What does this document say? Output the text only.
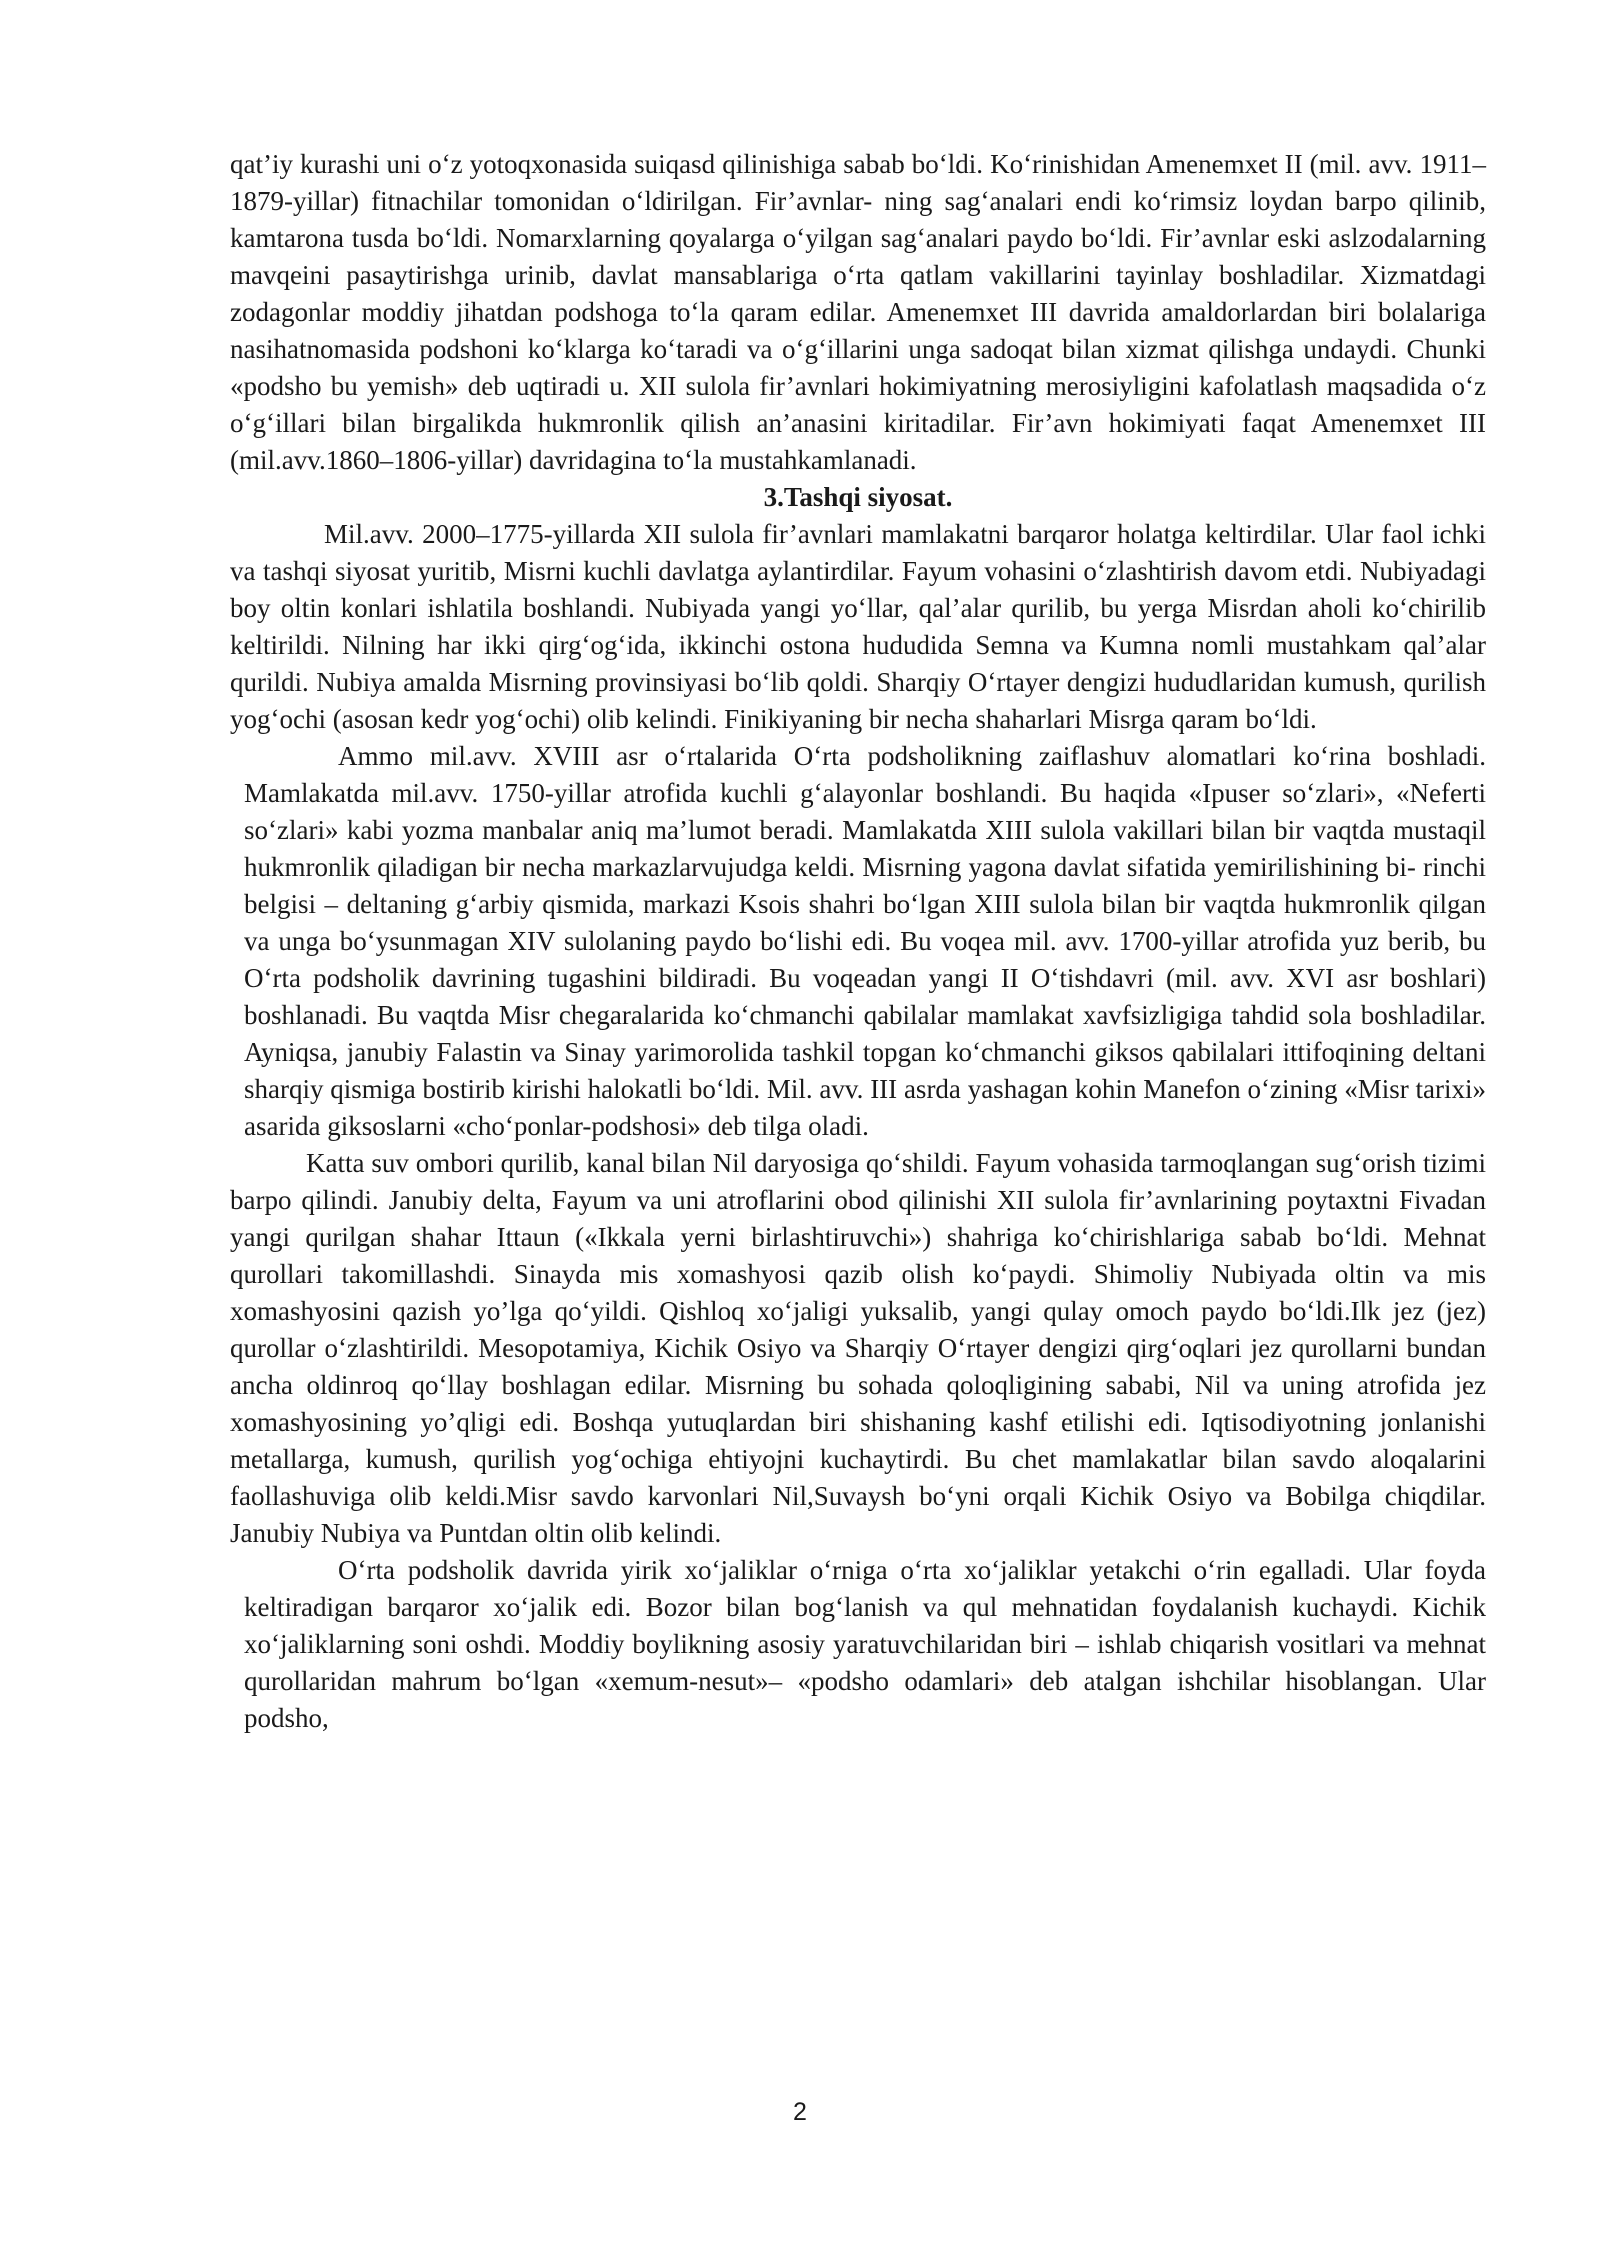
qat’iy kurashi uni o‘z yotoqxonasida suiqasd qilinishiga sabab bo‘ldi. Ko‘rinishidan Amenemxet II (mil. avv. 1911–1879-yillar) fitnachilar tomonidan o‘ldirilgan. Fir’avnlar- ning sag‘analari endi ko‘rimsiz loydan barpo qilinib, kamtarona tusda bo‘ldi. Nomarxlarning qoyalarga o‘yilgan sag‘analari paydo bo‘ldi. Fir’avnlar eski aslzodalarning mavqeini pasaytirishga urinib, davlat mansablariga o‘rta qatlam vakillarini tayinlay boshladilar. Xizmatdagi zodagonlar moddiy jihatdan podshoga to‘la qaram edilar. Amenemxet III davrida amaldorlardan biri bolalariga nasihatnomasida podshoni ko‘klarga ko‘taradi va o‘g‘illarini unga sadoqat bilan xizmat qilishga undaydi. Chunki «podsho bu yemish» deb uqtiradi u. XII sulola fir’avnlari hokimiyatning merosiyligini kafolatlash maqsadida o‘z o‘g‘illari bilan birgalikda hukmronlik qilish an’anasini kiritadilar. Fir’avn hokimiyati faqat Amenemxet III (mil.avv.1860–1806-yillar) davridagina to‘la mustahkamlanadi.

3.Tashqi siyosat.

Mil.avv. 2000–1775-yillarda XII sulola fir’avnlari mamlakatni barqaror holatga keltirdilar. Ular faol ichki va tashqi siyosat yuritib, Misrni kuchli davlatga aylantirdilar. Fayum vohasini o‘zlashtirish davom etdi. Nubiyadagi boy oltin konlari ishlatila boshlandi. Nubiyada yangi yo‘llar, qal’alar qurilib, bu yerga Misrdan aholi ko‘chirilib keltirildi. Nilning har ikki qirg‘og‘ida, ikkinchi ostona hududida Semna va Kumna nomli mustahkam qal’alar qurildi. Nubiya amalda Misrning provinsiyasi bo‘lib qoldi. Sharqiy O‘rtayer dengizi hududlaridan kumush, qurilish yog‘ochi (asosan kedr yog‘ochi) olib kelindi. Finikiyaning bir necha shaharlari Misrga qaram bo‘ldi.

Ammo mil.avv. XVIII asr o‘rtalarida O‘rta podsholikning zaiflashuv alomatlari ko‘rina boshladi. Mamlakatda mil.avv. 1750-yillar atrofida kuchli g‘alayonlar boshlandi. Bu haqida «Ipuser so‘zlari», «Neferti so‘zlari» kabi yozma manbalar aniq ma’lumot beradi. Mamlakatda XIII sulola vakillari bilan bir vaqtda mustaqil hukmronlik qiladigan bir necha markazlarvujudga keldi. Misrning yagona davlat sifatida yemirilishining bi- rinchi belgisi – deltaning g‘arbiy qismida, markazi Ksois shahri bo‘lgan XIII sulola bilan bir vaqtda hukmronlik qilgan va unga bo‘ysunmagan XIV sulolaning paydo bo‘lishi edi. Bu voqea mil. avv. 1700-yillar atrofida yuz berib, bu O‘rta podsholik davrining tugashini bildiradi. Bu voqeadan yangi II O‘tishdavri (mil. avv. XVI asr boshlari) boshlanadi. Bu vaqtda Misr chegaralarida ko‘chmanchi qabilalar mamlakat xavfsizligiga tahdid sola boshladilar. Ayniqsa, janubiy Falastin va Sinay yarimorolida tashkil topgan ko‘chmanchi giksos qabilalari ittifoqining deltani sharqiy qismiga bostirib kirishi halokatli bo‘ldi. Mil. avv. III asrda yashagan kohin Manefon o‘zining «Misr tarixi» asarida giksoslarni «cho‘ponlar-podshosi» deb tilga oladi.

Katta suv ombori qurilib, kanal bilan Nil daryosiga qo‘shildi. Fayum vohasida tarmoqlangan sug‘orish tizimi barpo qilindi. Janubiy delta, Fayum va uni atroflarini obod qilinishi XII sulola fir’avnlarining poytaxtni Fivadan yangi qurilgan shahar Ittaun («Ikkala yerni birlashtiruvchi») shahriga ko‘chirishlariga sabab bo‘ldi. Mehnat qurollari takomillashdi. Sinayda mis xomashyosi qazib olish ko‘paydi. Shimoliy Nubiyada oltin va mis xomashyosini qazish yo’lga qo‘yildi. Qishloq xo‘jaligi yuksalib, yangi qulay omoch paydo bo‘ldi.Ilk jez (jez) qurollar o‘zlashtirildi. Mesopotamiya, Kichik Osiyo va Sharqiy O‘rtayer dengizi qirg‘oqlari jez qurollarni bundan ancha oldinroq qo‘llay boshlagan edilar. Misrning bu sohada qoloqligining sababi, Nil va uning atrofida jez xomashyosining yo’qligi edi. Boshqa yutuqlardan biri shishaning kashf etilishi edi. Iqtisodiyotning jonlanishi metallarga, kumush, qurilish yog‘ochiga ehtiyojni kuchaytirdi. Bu chet mamlakatlar bilan savdo aloqalarini faollashuviga olib keldi.Misr savdo karvonlari Nil,Suvaysh bo‘yni orqali Kichik Osiyo va Bobilga chiqdilar. Janubiy Nubiya va Puntdan oltin olib kelindi.

O‘rta podsholik davrida yirik xo‘jaliklar o‘rniga o‘rta xo‘jaliklar yetakchi o‘rin egalladi. Ular foyda keltiradigan barqaror xo‘jalik edi. Bozor bilan bog‘lanish va qul mehnatidan foydalanish kuchaydi. Kichik xo‘jaliklarning soni oshdi. Moddiy boylikning asosiy yaratuvchilaridan biri – ishlab chiqarish vositlari va mehnat qurollaridan mahrum bo‘lgan «xemum-nesut»– «podsho odamlari» deb atalgan ishchilar hisoblangan. Ular podsho,

2
